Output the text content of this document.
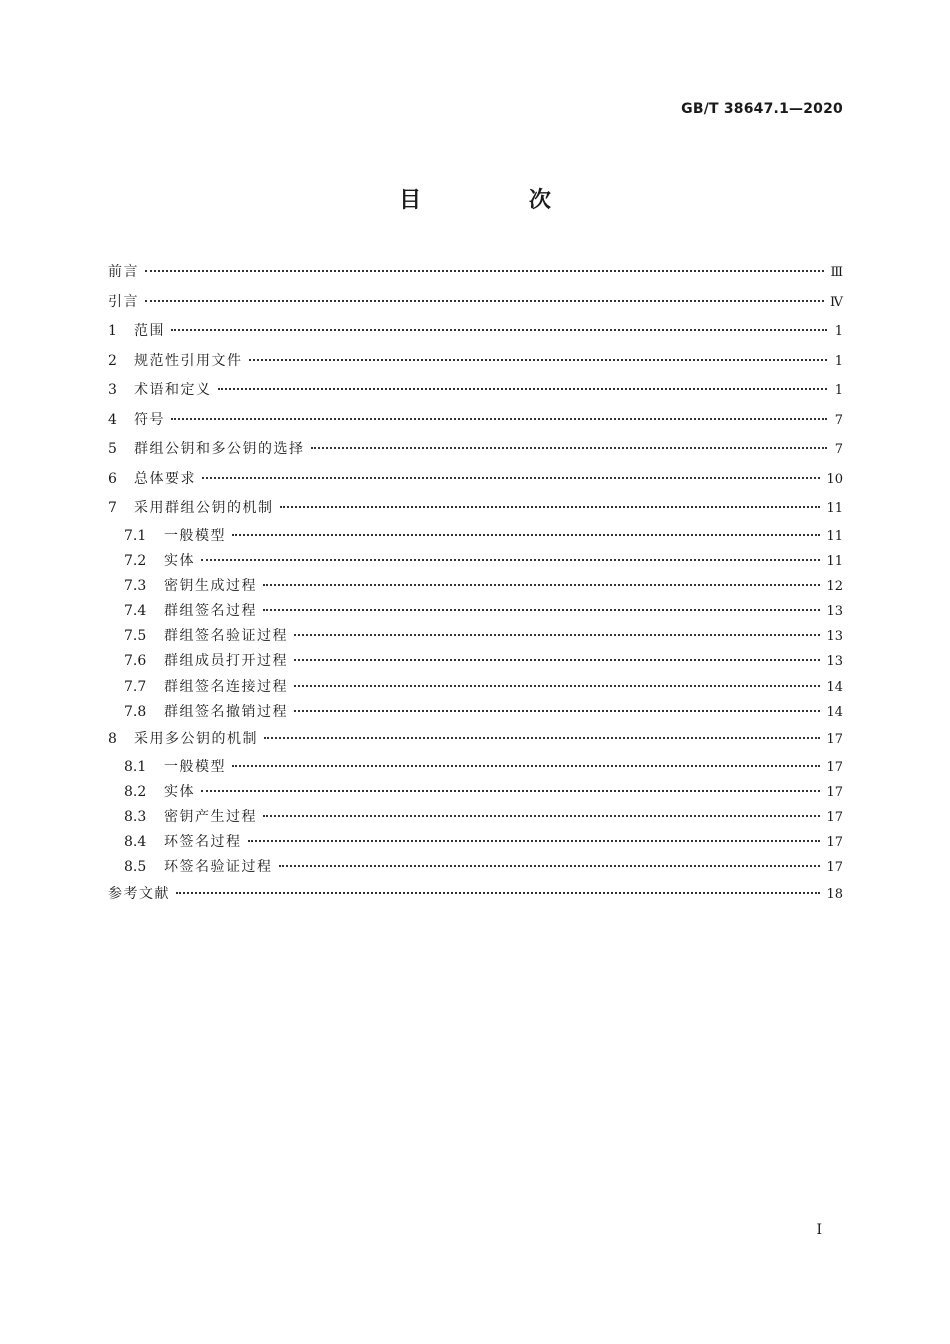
GB/T 38647.1—2020
目 次
前言	Ⅲ
引言	Ⅳ
1	范围	1
2	规范性引用文件	1
3	术语和定义	1
4	符号	7
5	群组公钥和多公钥的选择	7
6	总体要求	10
7	采用群组公钥的机制	11
7.1	一般模型	11
7.2	实体	11
7.3	密钥生成过程	12
7.4	群组签名过程	13
7.5	群组签名验证过程	13
7.6	群组成员打开过程	13
7.7	群组签名连接过程	14
7.8	群组签名撤销过程	14
8	采用多公钥的机制	17
8.1	一般模型	17
8.2	实体	17
8.3	密钥产生过程	17
8.4	环签名过程	17
8.5	环签名验证过程	17
参考文献	18
I
